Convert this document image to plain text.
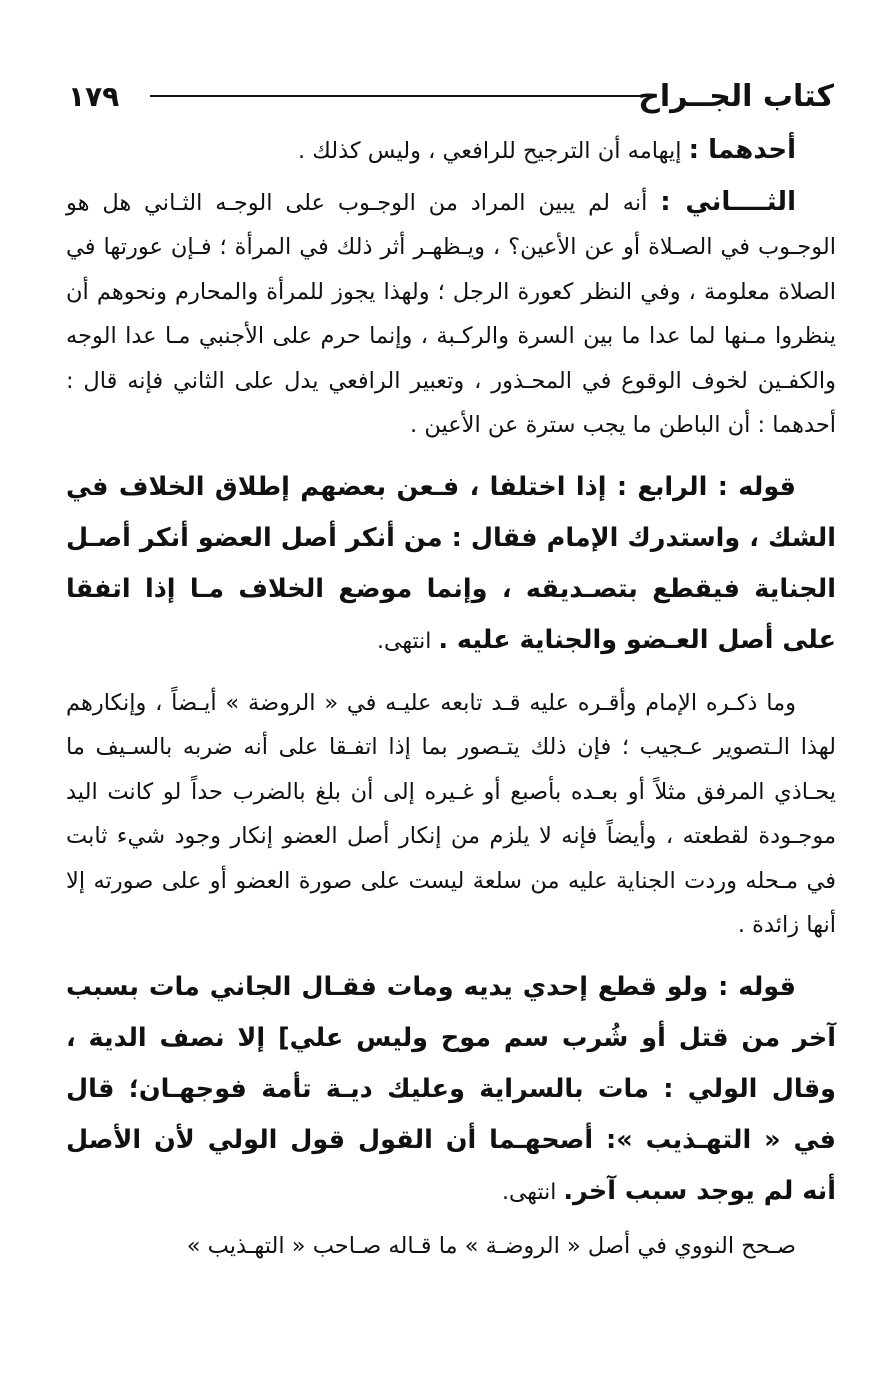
كتاب الجــراح
١٧٩

أحدهما : إيهامه أن الترجيح للرافعي ، وليس كذلك .

الثــــاني : أنه لم يبين المراد من الوجـوب على الوجـه الثـاني هل هو الوجـوب في الصـلاة أو عن الأعين؟ ، ويـظهـر أثر ذلك في المرأة ؛ فـإن عورتها في الصلاة معلومة ، وفي النظر كعورة الرجل ؛ ولهذا يجوز للمرأة والمحارم ونحوهم أن ينظروا مـنها لما عدا ما بين السرة والركـبة ، وإنما حرم على الأجنبي مـا عدا الوجه والكفـين لخوف الوقوع في المحـذور ، وتعبير الرافعي يدل على الثاني فإنه قال : أحدهما : أن الباطن ما يجب سترة عن الأعين .

قوله : الرابع : إذا اختلفا ، فـعن بعضهم إطلاق الخلاف في الشك ، واستدرك الإمام فقال : من أنكر أصل العضو أنكر أصـل الجناية فيقطع بتصـديقه ، وإنما موضع الخلاف مـا إذا اتفقا على أصل العـضو والجناية عليه . انتهى.

وما ذكـره الإمام وأقـره عليه قـد تابعه عليـه في « الروضة » أيـضاً ، وإنكارهم لهذا الـتصوير عـجيب ؛ فإن ذلك يتـصور بما إذا اتفـقا على أنه ضربه بالسـيف ما يحـاذي المرفق مثلاً أو بعـده بأصبع أو غـيره إلى أن بلغ بالضرب حداً لو كانت اليد موجـودة لقطعته ، وأيضاً فإنه لا يلزم من إنكار أصل العضو إنكار وجود شيء ثابت في مـحله وردت الجناية عليه من سلعة ليست على صورة العضو أو على صورته إلا أنها زائدة .

قوله : ولو قطع إحدي يديه ومات فقـال الجاني مات بسبب آخر من قتل أو شُرب سم موح وليس علي] إلا نصف الدية ، وقال الولي : مات بالسراية وعليك ديـة تأمة فوجهـان؛ قال في « التهـذيب »: أصحهـما أن القول قول الولي لأن الأصل أنه لم يوجد سبب آخر. انتهى.

صـحح النووي في أصل « الروضـة » ما قـاله صـاحب « التهـذيب »
